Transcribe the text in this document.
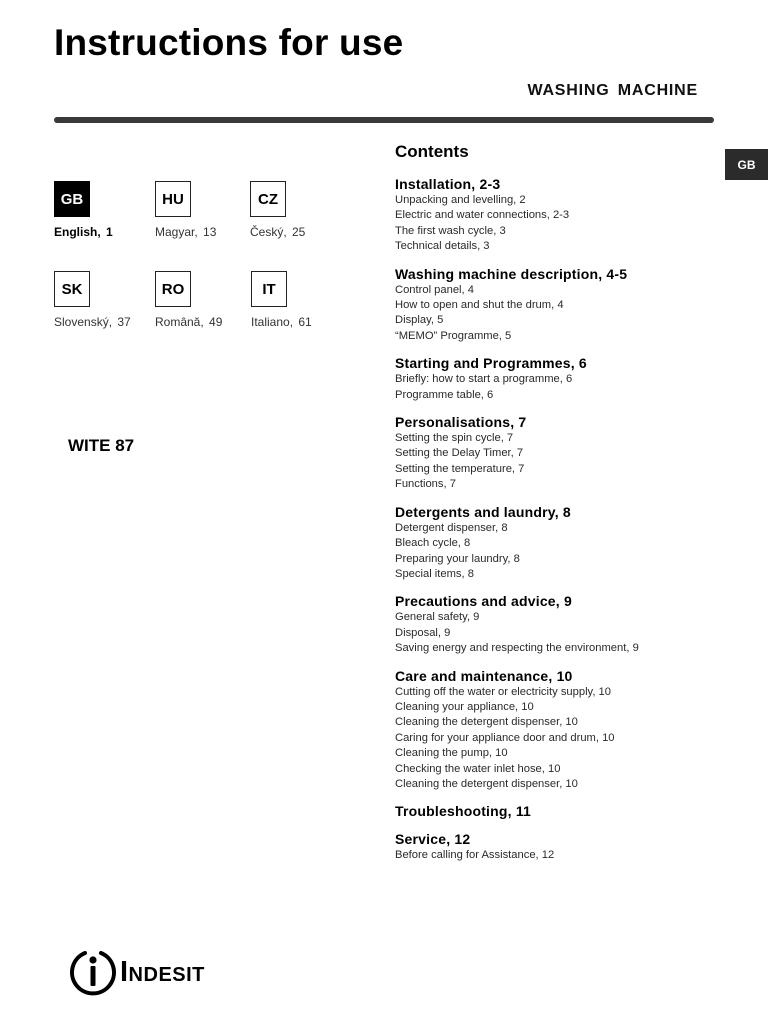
Instructions for use
WASHING MACHINE
GB
GB
English, 1
HU
Magyar, 13
CZ
Český, 25
SK
Slovenský, 37
RO
Română, 49
IT
Italiano, 61
WITE 87
Contents
Installation, 2-3
Unpacking and levelling, 2
Electric and water connections, 2-3
The first wash cycle, 3
Technical details, 3
Washing machine description, 4-5
Control panel, 4
How to open and shut the drum, 4
Display, 5
“MEMO” Programme, 5
Starting and Programmes, 6
Briefly: how to start a programme, 6
Programme table, 6
Personalisations, 7
Setting the spin cycle, 7
Setting the Delay Timer, 7
Setting the temperature, 7
Functions, 7
Detergents and laundry, 8
Detergent dispenser, 8
Bleach cycle, 8
Preparing your laundry, 8
Special items, 8
Precautions and advice, 9
General safety, 9
Disposal, 9
Saving energy and respecting the environment, 9
Care and maintenance, 10
Cutting off the water or electricity supply, 10
Cleaning your appliance, 10
Cleaning the detergent dispenser, 10
Caring for your appliance door and drum, 10
Cleaning the pump, 10
Checking the water inlet hose, 10
Cleaning the detergent dispenser, 10
Troubleshooting, 11
Service, 12
Before calling for Assistance, 12
Indesit
